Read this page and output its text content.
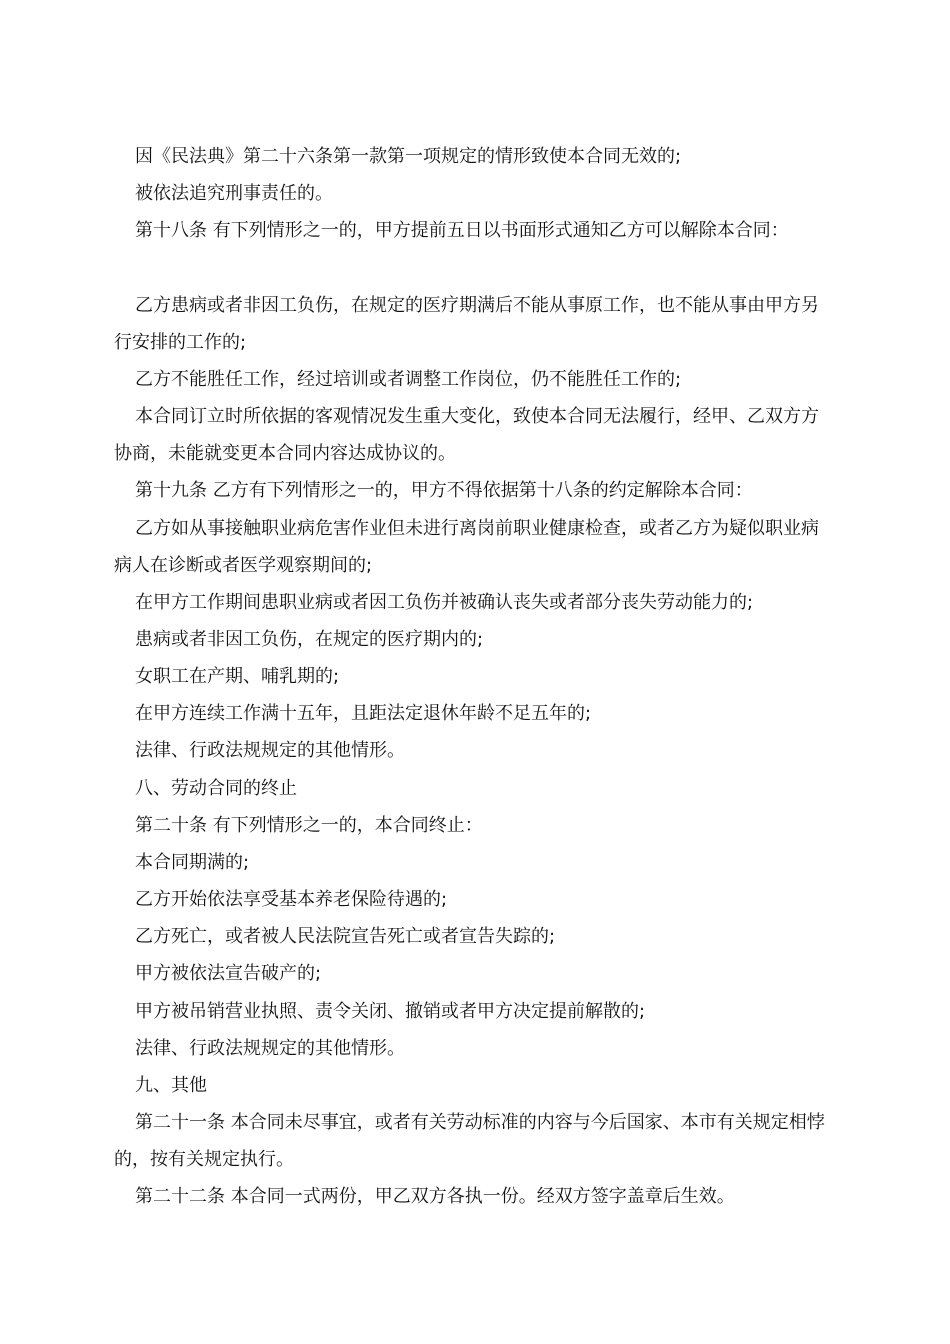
因《民法典》第二十六条第一款第一项规定的情形致使本合同无效的;

被依法追究刑事责任的。

第十八条 有下列情形之一的，甲方提前五日以书面形式通知乙方可以解除本合同：

乙方患病或者非因工负伤，在规定的医疗期满后不能从事原工作，也不能从事由甲方另行安排的工作的;

乙方不能胜任工作，经过培训或者调整工作岗位，仍不能胜任工作的;

本合同订立时所依据的客观情况发生重大变化，致使本合同无法履行，经甲、乙双方方协商，未能就变更本合同内容达成协议的。

第十九条 乙方有下列情形之一的，甲方不得依据第十八条的约定解除本合同：

乙方如从事接触职业病危害作业但未进行离岗前职业健康检查，或者乙方为疑似职业病病人在诊断或者医学观察期间的;

在甲方工作期间患职业病或者因工负伤并被确认丧失或者部分丧失劳动能力的;

患病或者非因工负伤，在规定的医疗期内的;

女职工在产期、哺乳期的;

在甲方连续工作满十五年，且距法定退休年龄不足五年的;

法律、行政法规规定的其他情形。

八、劳动合同的终止

第二十条 有下列情形之一的，本合同终止：

本合同期满的;

乙方开始依法享受基本养老保险待遇的;

乙方死亡，或者被人民法院宣告死亡或者宣告失踪的;

甲方被依法宣告破产的;

甲方被吊销营业执照、责令关闭、撤销或者甲方决定提前解散的;

法律、行政法规规定的其他情形。

九、其他

第二十一条 本合同未尽事宜，或者有关劳动标准的内容与今后国家、本市有关规定相悖的，按有关规定执行。

第二十二条 本合同一式两份，甲乙双方各执一份。经双方签字盖章后生效。
